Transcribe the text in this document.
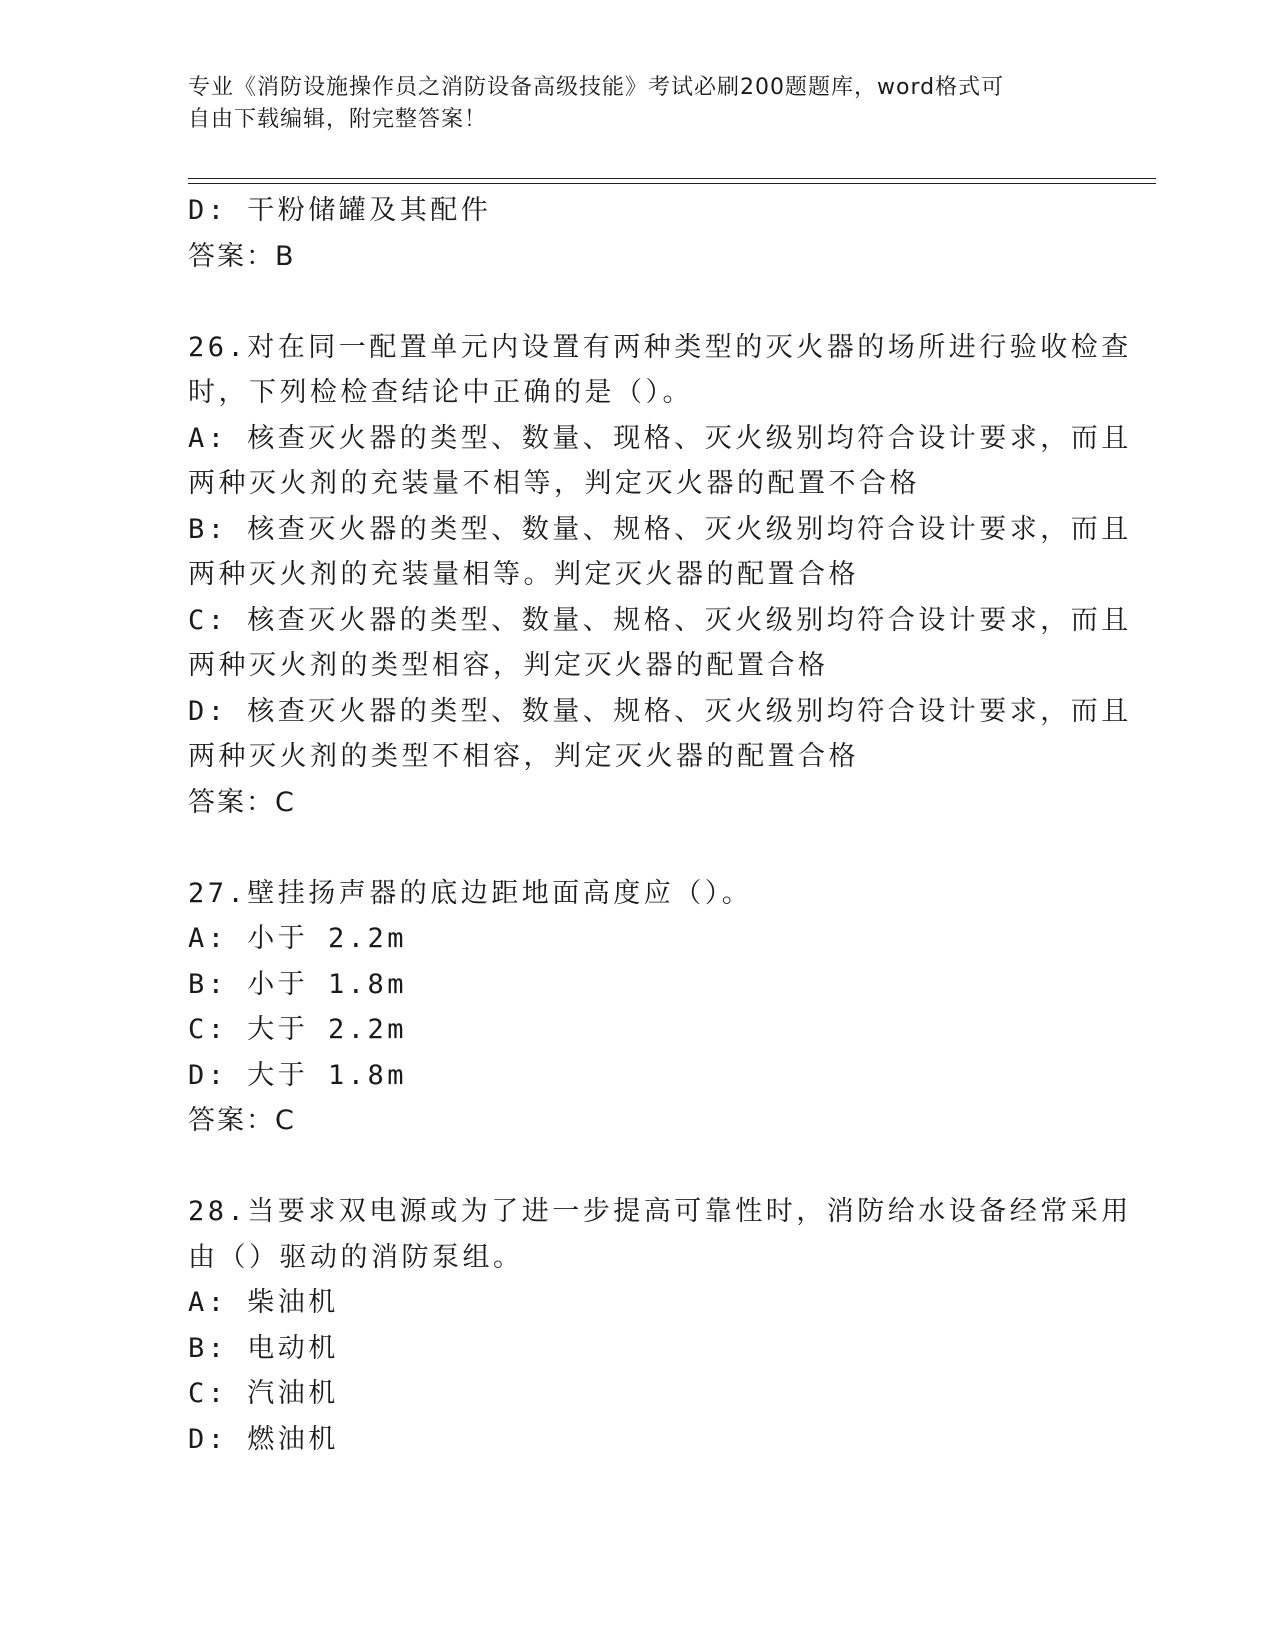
专业《消防设施操作员之消防设备高级技能》考试必刷200题题库，word格式可
自由下载编辑，附完整答案！
D: 干粉储罐及其配件
答案：B
26.对在同一配置单元内设置有两种类型的灭火器的场所进行验收检查
时，下列检检查结论中正确的是（）。
A: 核查灭火器的类型、数量、现格、灭火级别均符合设计要求，而且
两种灭火剂的充装量不相等，判定灭火器的配置不合格
B: 核查灭火器的类型、数量、规格、灭火级别均符合设计要求，而且
两种灭火剂的充装量相等。判定灭火器的配置合格
C: 核查灭火器的类型、数量、规格、灭火级别均符合设计要求，而且
两种灭火剂的类型相容，判定灭火器的配置合格
D: 核查灭火器的类型、数量、规格、灭火级别均符合设计要求，而且
两种灭火剂的类型不相容，判定灭火器的配置合格
答案：C
27.壁挂扬声器的底边距地面高度应（）。
A: 小于 2.2m
B: 小于 1.8m
C: 大于 2.2m
D: 大于 1.8m
答案：C
28.当要求双电源或为了进一步提高可靠性时，消防给水设备经常采用
由（）驱动的消防泵组。
A: 柴油机
B: 电动机
C: 汽油机
D: 燃油机
